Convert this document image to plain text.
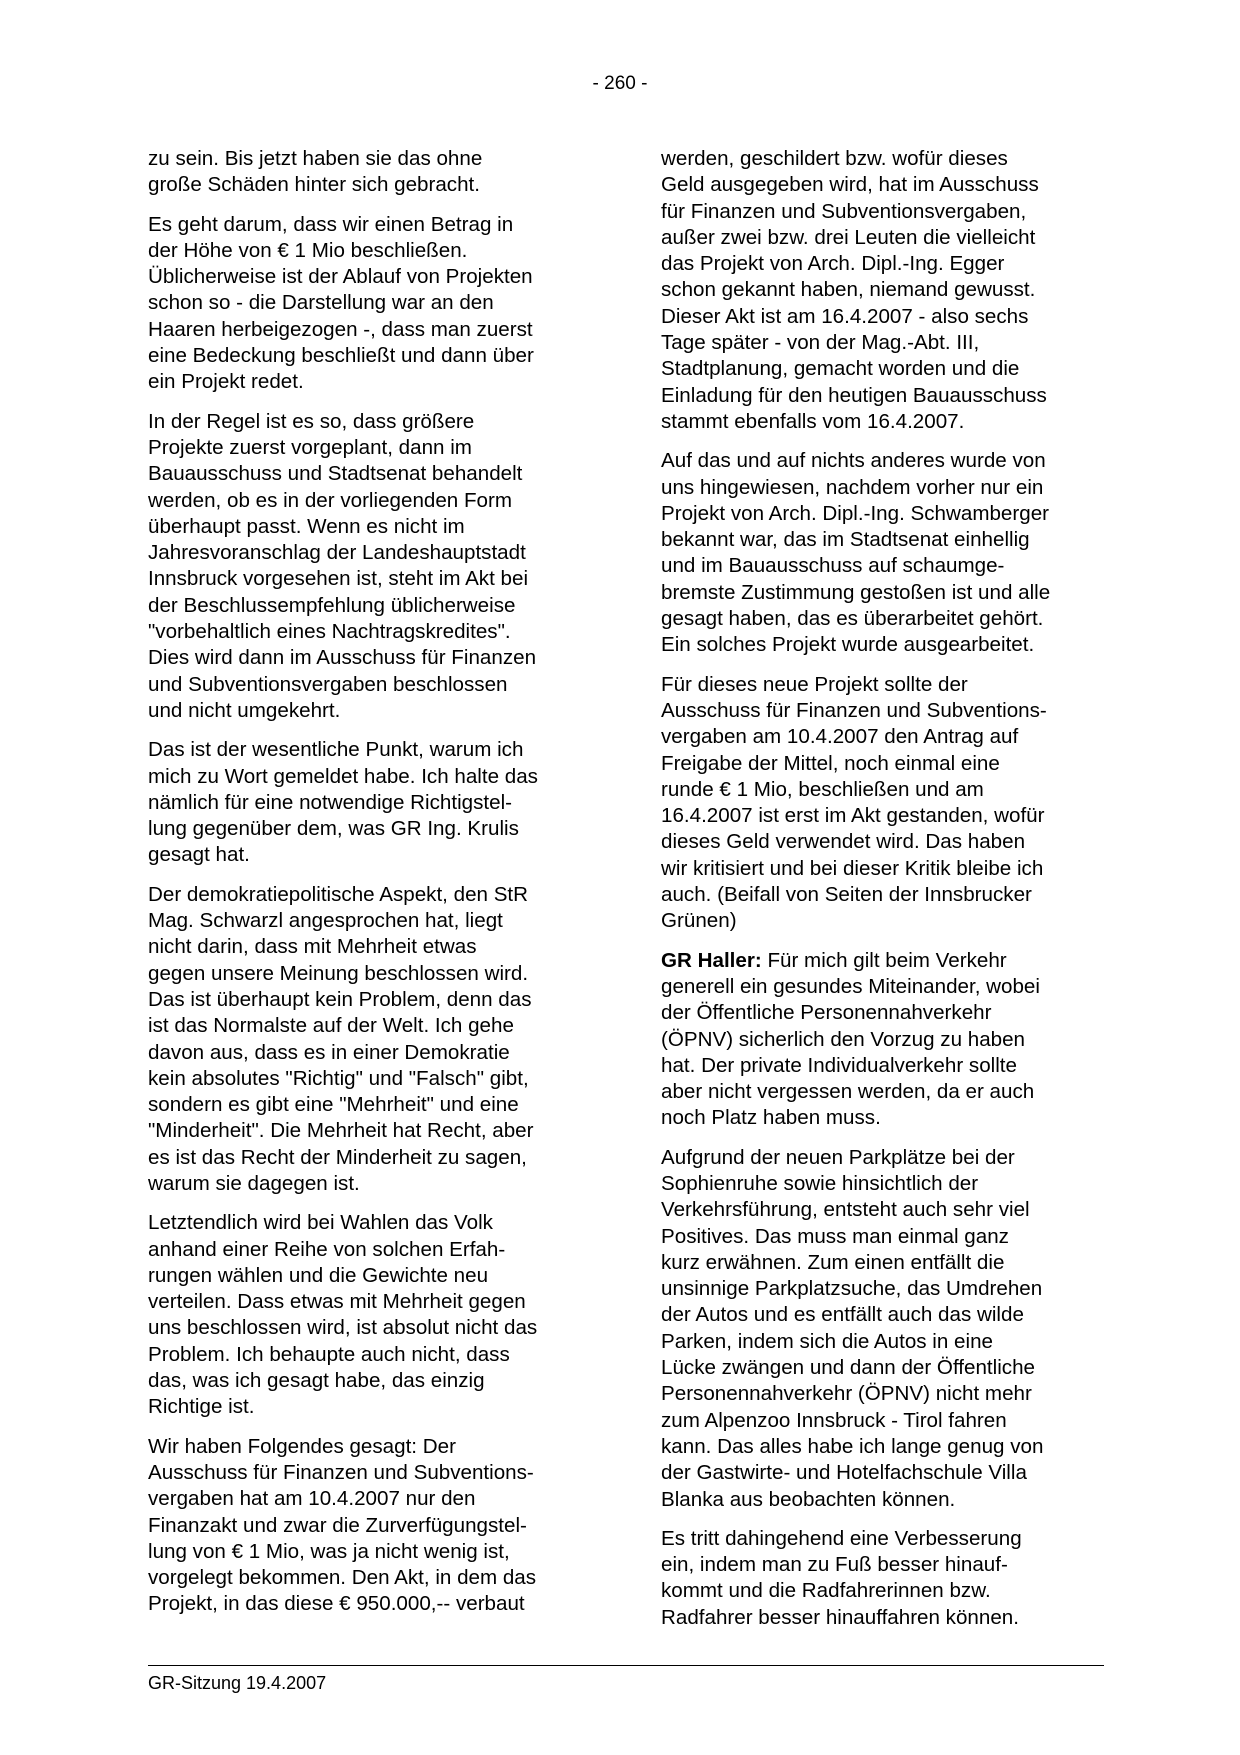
- 260 -

zu sein. Bis jetzt haben sie das ohne
große Schäden hinter sich gebracht.

Es geht darum, dass wir einen Betrag in
der Höhe von € 1 Mio beschließen.
Üblicherweise ist der Ablauf von Projekten
schon so - die Darstellung war an den
Haaren herbeigezogen -, dass man zuerst
eine Bedeckung beschließt und dann über
ein Projekt redet.

In der Regel ist es so, dass größere
Projekte zuerst vorgeplant, dann im
Bauausschuss und Stadtsenat behandelt
werden, ob es in der vorliegenden Form
überhaupt passt. Wenn es nicht im
Jahresvoranschlag der Landeshauptstadt
Innsbruck vorgesehen ist, steht im Akt bei
der Beschlussempfehlung üblicherweise
"vorbehaltlich eines Nachtragskredites".
Dies wird dann im Ausschuss für Finanzen
und Subventionsvergaben beschlossen
und nicht umgekehrt.

Das ist der wesentliche Punkt, warum ich
mich zu Wort gemeldet habe. Ich halte das
nämlich für eine notwendige Richtigstel-
lung gegenüber dem, was GR Ing. Krulis
gesagt hat.

Der demokratiepolitische Aspekt, den StR
Mag. Schwarzl angesprochen hat, liegt
nicht darin, dass mit Mehrheit etwas
gegen unsere Meinung beschlossen wird.
Das ist überhaupt kein Problem, denn das
ist das Normalste auf der Welt. Ich gehe
davon aus, dass es in einer Demokratie
kein absolutes "Richtig" und "Falsch" gibt,
sondern es gibt eine "Mehrheit" und eine
"Minderheit". Die Mehrheit hat Recht, aber
es ist das Recht der Minderheit zu sagen,
warum sie dagegen ist.

Letztendlich wird bei Wahlen das Volk
anhand einer Reihe von solchen Erfah-
rungen wählen und die Gewichte neu
verteilen. Dass etwas mit Mehrheit gegen
uns beschlossen wird, ist absolut nicht das
Problem. Ich behaupte auch nicht, dass
das, was ich gesagt habe, das einzig
Richtige ist.

Wir haben Folgendes gesagt: Der
Ausschuss für Finanzen und Subventions-
vergaben hat am 10.4.2007 nur den
Finanzakt und zwar die Zurverfügungstel-
lung von € 1 Mio, was ja nicht wenig ist,
vorgelegt bekommen. Den Akt, in dem das
Projekt, in das diese € 950.000,-- verbaut

werden, geschildert bzw. wofür dieses
Geld ausgegeben wird, hat im Ausschuss
für Finanzen und Subventionsvergaben,
außer zwei bzw. drei Leuten die vielleicht
das Projekt von Arch. Dipl.-Ing. Egger
schon gekannt haben, niemand gewusst.
Dieser Akt ist am 16.4.2007 - also sechs
Tage später - von der Mag.-Abt. III,
Stadtplanung, gemacht worden und die
Einladung für den heutigen Bauausschuss
stammt ebenfalls vom 16.4.2007.

Auf das und auf nichts anderes wurde von
uns hingewiesen, nachdem vorher nur ein
Projekt von Arch. Dipl.-Ing. Schwamberger
bekannt war, das im Stadtsenat einhellig
und im Bauausschuss auf schaumge-
bremste Zustimmung gestoßen ist und alle
gesagt haben, das es überarbeitet gehört.
Ein solches Projekt wurde ausgearbeitet.

Für dieses neue Projekt sollte der
Ausschuss für Finanzen und Subventions-
vergaben am 10.4.2007 den Antrag auf
Freigabe der Mittel, noch einmal eine
runde € 1 Mio, beschließen und am
16.4.2007 ist erst im Akt gestanden, wofür
dieses Geld verwendet wird. Das haben
wir kritisiert und bei dieser Kritik bleibe ich
auch. (Beifall von Seiten der Innsbrucker
Grünen)

GR Haller: Für mich gilt beim Verkehr
generell ein gesundes Miteinander, wobei
der Öffentliche Personennahverkehr
(ÖPNV) sicherlich den Vorzug zu haben
hat. Der private Individualverkehr sollte
aber nicht vergessen werden, da er auch
noch Platz haben muss.

Aufgrund der neuen Parkplätze bei der
Sophienruhe sowie hinsichtlich der
Verkehrsführung, entsteht auch sehr viel
Positives. Das muss man einmal ganz
kurz erwähnen. Zum einen entfällt die
unsinnige Parkplatzsuche, das Umdrehen
der Autos und es entfällt auch das wilde
Parken, indem sich die Autos in eine
Lücke zwängen und dann der Öffentliche
Personennahverkehr (ÖPNV) nicht mehr
zum Alpenzoo Innsbruck - Tirol fahren
kann. Das alles habe ich lange genug von
der Gastwirte- und Hotelfachschule Villa
Blanka aus beobachten können.

Es tritt dahingehend eine Verbesserung
ein, indem man zu Fuß besser hinauf-
kommt und die Radfahrerinnen bzw.
Radfahrer besser hinauffahren können.

GR-Sitzung 19.4.2007
